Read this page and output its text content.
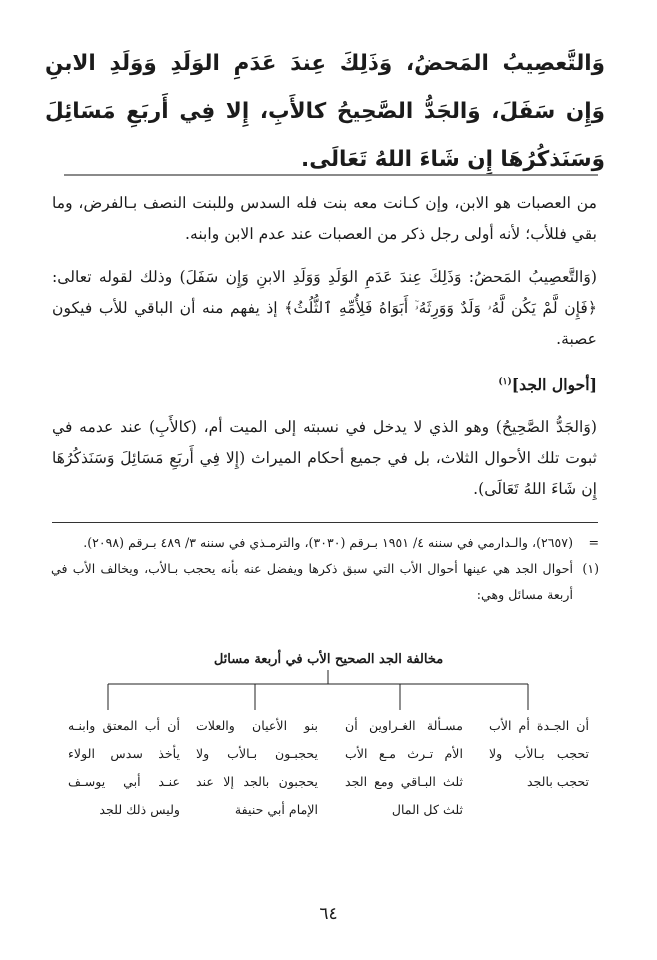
وَالتَّعصِيبُ المَحضُ، وَذَلِكَ عِندَ عَدَمِ الوَلَدِ وَوَلَدِ الابنِ وَإِن سَفَلَ، وَالجَدُّ الصَّحِيحُ كالأَبِ، إِلا فِي أَربَعِ مَسَائِلَ وَسَنَذكُرُهَا إِن شَاءَ اللهُ تَعَالَى.

من العصبات هو الابن، وإن كـانت معه بنت فله السدس وللبنت النصف بـالفرض، وما بقي فللأب؛ لأنه أولى رجل ذكر من العصبات عند عدم الابن وابنه.

(وَالتَّعصِيبُ المَحضُ: وَذَلِكَ عِندَ عَدَمِ الوَلَدِ وَوَلَدِ الابنِ وَإِن سَفَلَ) وذلك لقوله تعالى: ﴿فَإِن لَّمْ يَكُن لَّهُۥ وَلَدٌ وَوَرِثَهُۥٓ أَبَوَاهُ فَلِأُمِّهِ ٱلثُّلُثُ﴾ إذ يفهم منه أن الباقي للأب فيكون عصبة.

[أحوال الجد]$^{(١)}$

(وَالجَدُّ الصَّحِيحُ) وهو الذي لا يدخل في نسبته إلى الميت أم، (كالأَبِ) عند عدمه في ثبوت تلك الأحوال الثلاث، بل في جميع أحكام الميراث (إِلا فِي أَربَعِ مَسَائِلَ وَسَنَذكُرُهَا إِن شَاءَ اللهُ تَعَالَى).

=
(٢٦٥٧)، والـدارمي في سننه ٤/ ١٩٥١ بـرقم (٣٠٣٠)، والترمـذي في سننه ٣/ ٤٨٩ بـرقم (٢٠٩٨).
(١)
أحوال الجد هي عينها أحوال الأب التي سبق ذكرها ويفضل عنه بأنه يحجب بـالأب، ويخالف الأب في أربعة مسائل وهي:
مخالفة الجد الصحيح الأب في أربعة مسائل
أن الجـدة أم الأب تحجب بـالأب ولا تحجب بالجد
مسـألة الغـراوين أن الأم تـرث مـع الأب ثلث البـاقي ومع الجد ثلث كل المال
بنو الأعيان والعلات يحجبـون بـالأب ولا يحجبون بالجد إلا عند الإمام أبي حنيفة
أن أب المعتق وابنـه يأخذ سدس الولاء عنـد أبي يوسـف وليس ذلك للجد
٦٤
